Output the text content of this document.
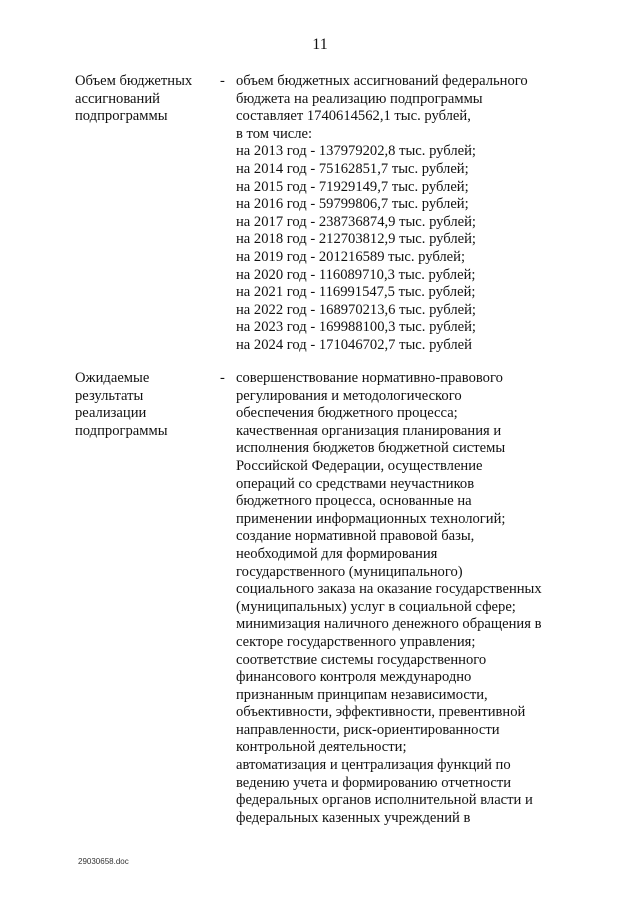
11
Объем бюджетных
ассигнований
подпрограммы
- объем бюджетных ассигнований федерального
бюджета на реализацию подпрограммы
составляет 1740614562,1 тыс. рублей,
в том числе:
на 2013 год - 137979202,8 тыс. рублей;
на 2014 год - 75162851,7 тыс. рублей;
на 2015 год - 71929149,7 тыс. рублей;
на 2016 год - 59799806,7 тыс. рублей;
на 2017 год - 238736874,9 тыс. рублей;
на 2018 год - 212703812,9 тыс. рублей;
на 2019 год - 201216589 тыс. рублей;
на 2020 год - 116089710,3 тыс. рублей;
на 2021 год - 116991547,5 тыс. рублей;
на 2022 год - 168970213,6 тыс. рублей;
на 2023 год - 169988100,3 тыс. рублей;
на 2024 год - 171046702,7 тыс. рублей
Ожидаемые
результаты
реализации
подпрограммы
- совершенствование нормативно-правового
регулирования и методологического
обеспечения бюджетного процесса;
качественная организация планирования и
исполнения бюджетов бюджетной системы
Российской Федерации, осуществление
операций со средствами неучастников
бюджетного процесса, основанные на
применении информационных технологий;
создание нормативной правовой базы,
необходимой для формирования
государственного (муниципального)
социального заказа на оказание государственных
(муниципальных) услуг в социальной сфере;
минимизация наличного денежного обращения в
секторе государственного управления;
соответствие системы государственного
финансового контроля международно
признанным принципам независимости,
объективности, эффективности, превентивной
направленности, риск-ориентированности
контрольной деятельности;
автоматизация и централизация функций по
ведению учета и формированию отчетности
федеральных органов исполнительной власти и
федеральных казенных учреждений в
29030658.doc
